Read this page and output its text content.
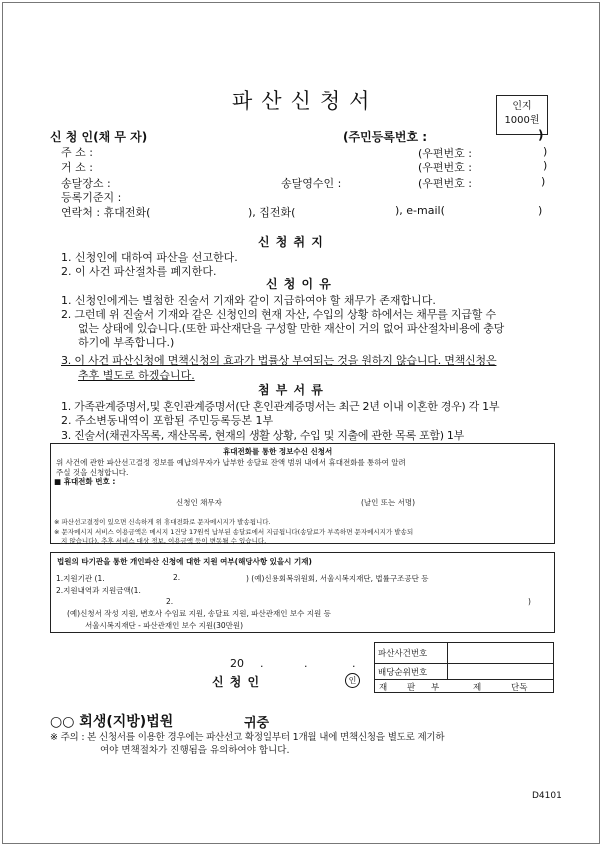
파산신청서	인지
1000원
신 청 인(채 무 자)	(주민등록번호 :	)
주 소 :	(우편번호 :	)
거 소 :	(우편번호 :	)
송달장소 :	송달영수인 :	(우편번호 :	)
등록기준지 :
연락처 : 휴대전화(	), 집전화(	), e-mail(	)
신 청 취 지
1. 신청인에 대하여 파산을 선고한다.
2. 이 사건 파산절차를 폐지한다.
신 청 이 유
1. 신청인에게는 별첨한 진술서 기재와 같이 지급하여야 할 채무가 존재합니다.
2. 그런데 위 진술서 기재와 같은 신청인의 현재 자산, 수입의 상황 하에서는 채무를 지급할 수
없는 상태에 있습니다.(또한 파산재단을 구성할 만한 재산이 거의 없어 파산절차비용에 충당
하기에 부족합니다.)
3. 이 사건 파산신청에 면책신청의 효과가 법률상 부여되는 것을 원하지 않습니다. 면책신청은
추후 별도로 하겠습니다.
첨 부 서 류
1. 가족관계증명서,및 혼인관계증명서(단 혼인관계증명서는 최근 2년 이내 이혼한 경우) 각 1부
2. 주소변동내역이 포함된 주민등록등본 1부
3. 진술서(채권자목록, 재산목록, 현재의 생활 상황, 수입 및 지출에 관한 목록 포함) 1부
휴대전화를 통한 정보수신 신청서
위 사건에 관한 파산선고결정 정보를 예납의무자가 납부한 송달료 잔액 범위 내에서 휴대전화를 통하여 알려
주실 것을 신청합니다.
■ 휴대전화 번호 :
신청인 채무자	(날인 또는 서명)
※ 파산선고결정이 있으면 신속하게 위 휴대전화로 문자메시지가 발송됩니다.
※ 문자메시지 서비스 이용금액은 메시지 1건당 17원씩 납부된 송달료에서 지급됩니다(송달료가 부족하면 문자메시지가 발송되
지 않습니다). 추후 서비스 대상 정보, 이용금액 등이 변동될 수 있습니다.
법원의 타기관을 통한 개인파산 신청에 대한 지원 여부(해당사항 있을시 기재)
1.지원기관 (1.	2.	) (예)신용회복위원회, 서울시복지재단, 법률구조공단 등
2.지원내역과 지원금액(1.
2.	)
(예)신청서 작성 지원, 변호사 수임료 지원, 송달료 지원, 파산관재인 보수 지원 등
서울시복지재단 - 파산관재인 보수 지원(30만원)
20 .	.	.
신 청 인	인
파산사건번호	
배당순위번호	

재 판 부 제 단독	
○○ 회생(지방)법원	귀중
※ 주의 : 본 신청서를 이용한 경우에는 파산선고 확정일부터 1개월 내에 면책신청을 별도로 제기하
여야 면책절차가 진행됨을 유의하여야 합니다.
D4101
